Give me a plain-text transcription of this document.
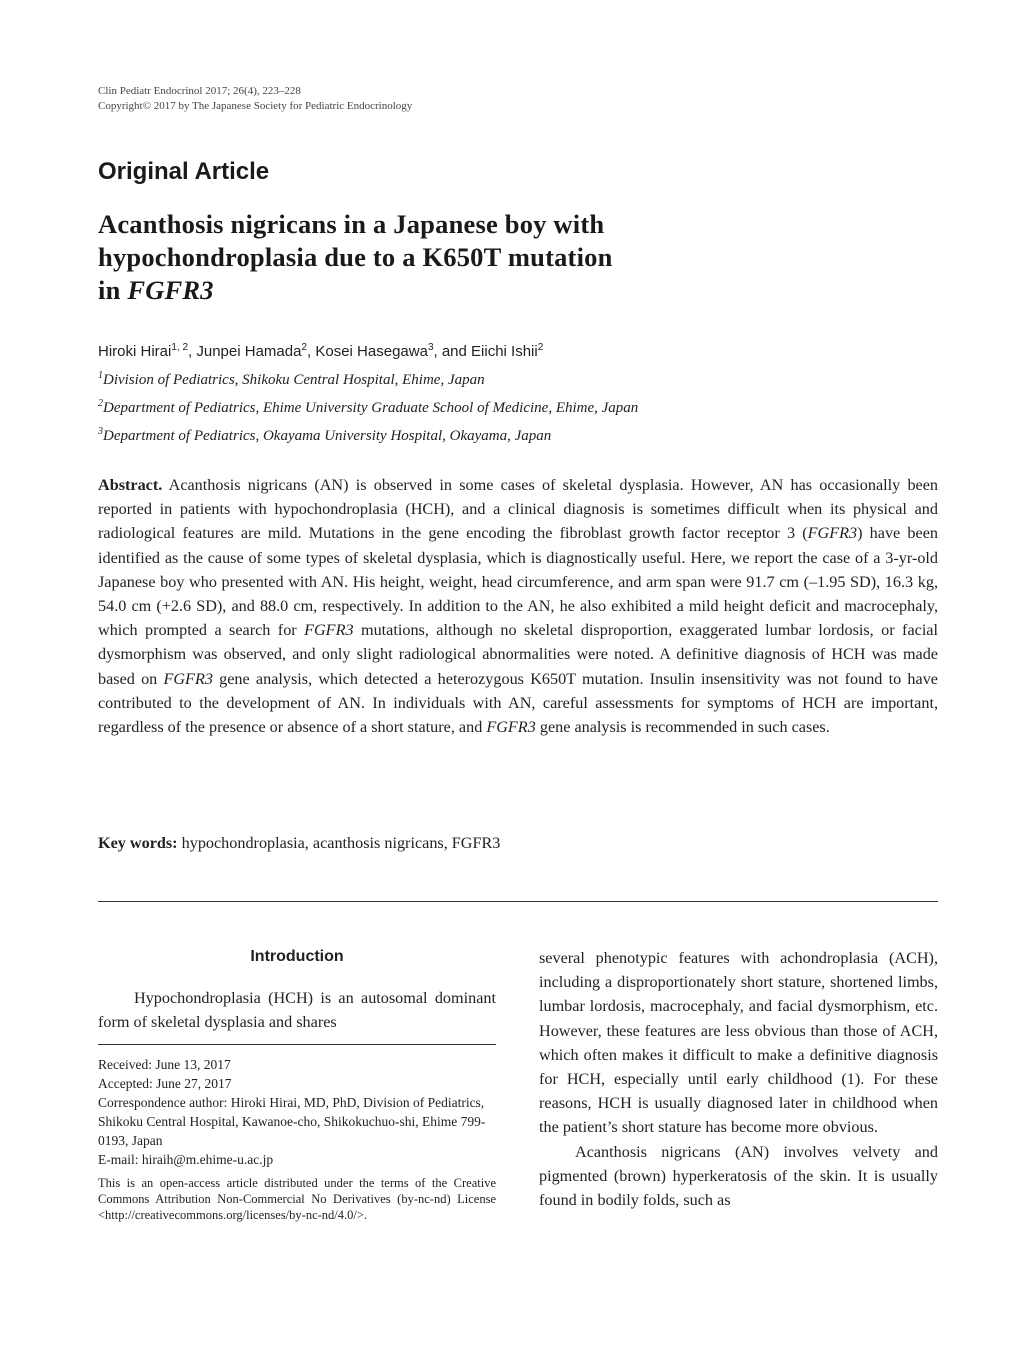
Clin Pediatr Endocrinol 2017; 26(4), 223–228
Copyright© 2017 by The Japanese Society for Pediatric Endocrinology
Original Article
Acanthosis nigricans in a Japanese boy with
hypochondroplasia due to a K650T mutation
in FGFR3
Hiroki Hirai$^{1, 2}$, Junpei Hamada$^2$, Kosei Hasegawa$^3$, and Eiichi Ishii$^2$
$^1$Division of Pediatrics, Shikoku Central Hospital, Ehime, Japan
$^2$Department of Pediatrics, Ehime University Graduate School of Medicine, Ehime, Japan
$^3$Department of Pediatrics, Okayama University Hospital, Okayama, Japan
Abstract. Acanthosis nigricans (AN) is observed in some cases of skeletal dysplasia. However, AN has occasionally been reported in patients with hypochondroplasia (HCH), and a clinical diagnosis is sometimes difficult when its physical and radiological features are mild. Mutations in the gene encoding the fibroblast growth factor receptor 3 (FGFR3) have been identified as the cause of some types of skeletal dysplasia, which is diagnostically useful. Here, we report the case of a 3-yr-old Japanese boy who presented with AN. His height, weight, head circumference, and arm span were 91.7 cm (–1.95 SD), 16.3 kg, 54.0 cm (+2.6 SD), and 88.0 cm, respectively. In addition to the AN, he also exhibited a mild height deficit and macrocephaly, which prompted a search for FGFR3 mutations, although no skeletal disproportion, exaggerated lumbar lordosis, or facial dysmorphism was observed, and only slight radiological abnormalities were noted. A definitive diagnosis of HCH was made based on FGFR3 gene analysis, which detected a heterozygous K650T mutation. Insulin insensitivity was not found to have contributed to the development of AN. In individuals with AN, careful assessments for symptoms of HCH are important, regardless of the presence or absence of a short stature, and FGFR3 gene analysis is recommended in such cases.
Key words: hypochondroplasia, acanthosis nigricans, FGFR3
Introduction

Hypochondroplasia (HCH) is an autosomal dominant form of skeletal dysplasia and shares

Received: June 13, 2017

Accepted: June 27, 2017

Correspondence author: Hiroki Hirai, MD, PhD, Division of Pediatrics, Shikoku Central Hospital, Kawanoe-cho, Shikokuchuo-shi, Ehime 799-0193, Japan

E-mail: hiraih@m.ehime-u.ac.jp

This is an open-access article distributed under the terms of the Creative Commons Attribution Non-Commercial No Derivatives (by-nc-nd) License <http://creativecommons.org/licenses/by-nc-nd/4.0/>.

several phenotypic features with achondroplasia (ACH), including a disproportionately short stature, shortened limbs, lumbar lordosis, macrocephaly, and facial dysmorphism, etc. However, these features are less obvious than those of ACH, which often makes it difficult to make a definitive diagnosis for HCH, especially until early childhood (1). For these reasons, HCH is usually diagnosed later in childhood when the patient’s short stature has become more obvious.

Acanthosis nigricans (AN) involves velvety and pigmented (brown) hyperkeratosis of the skin. It is usually found in bodily folds, such as
